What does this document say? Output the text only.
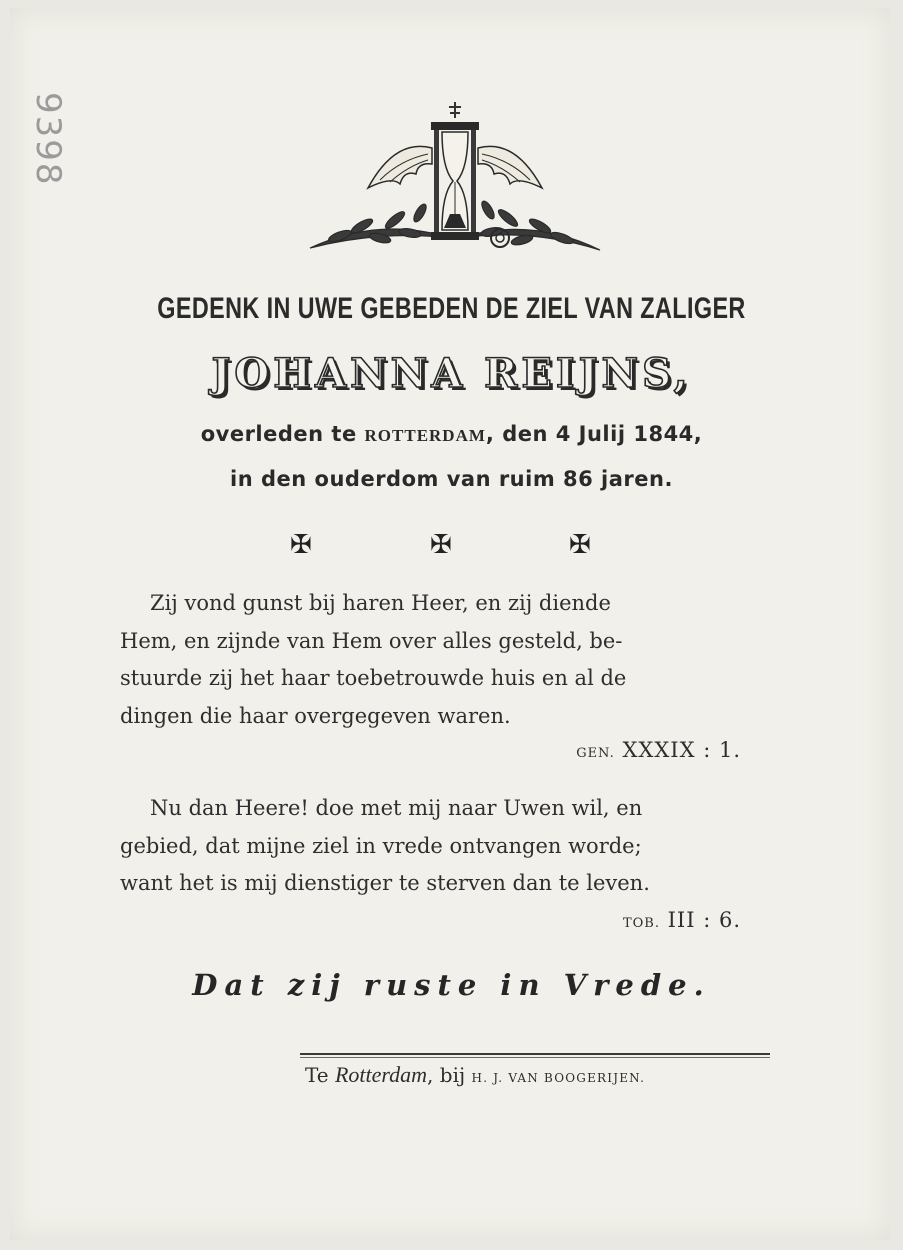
9398
GEDENK IN UWE GEBEDEN DE ZIEL VAN ZALIGER
JOHANNA REIJNS,
overleden te ROTTERDAM, den 4 Julij 1844,
in den ouderdom van ruim 86 jaren.
✠	✠	✠
Zij vond gunst bij haren Heer, en zij diende
Hem, en zijnde van Hem over alles gesteld, be-
stuurde zij het haar toebetrouwde huis en al de
dingen die haar overgegeven waren.
GEN. XXXIX : 1.
Nu dan Heere! doe met mij naar Uwen wil, en
gebied, dat mijne ziel in vrede ontvangen worde;
want het is mij dienstiger te sterven dan te leven.
TOB. III : 6.
Dat zij ruste in Vrede.
Te Rotterdam, bij H. J. VAN BOOGERIJEN.
